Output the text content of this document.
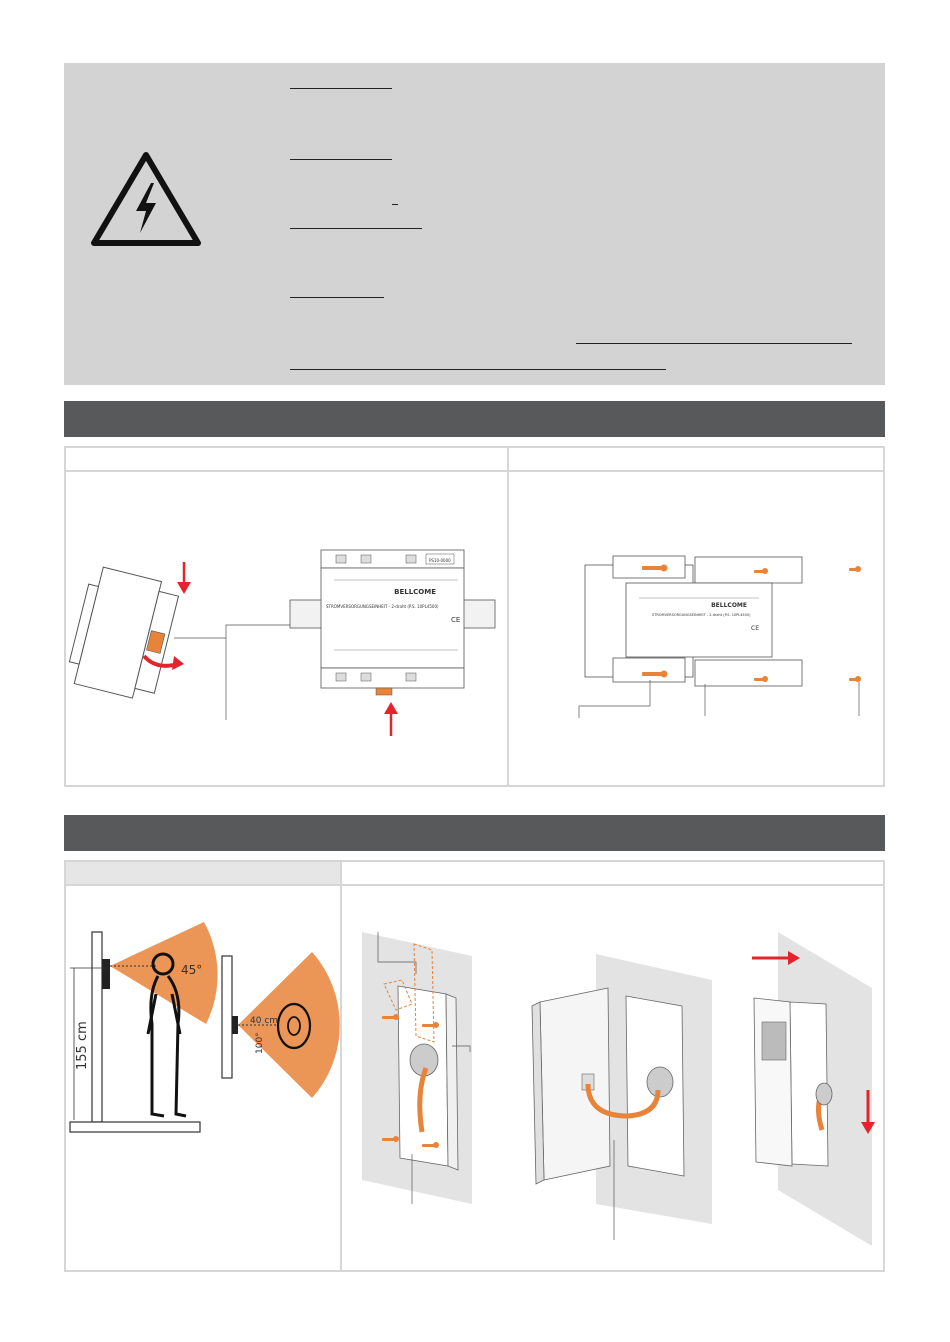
BELLCOME
STROMVERSORGUNGSEINHEIT - 2-draht (P.S. 10PL4500)
PS10-0000
CE
BELLCOME
STROMVERSORGUNGSEINHEIT - 2-draht (P.S. 10PL4500)
CE
155 cm
45°
40 cm
100°
